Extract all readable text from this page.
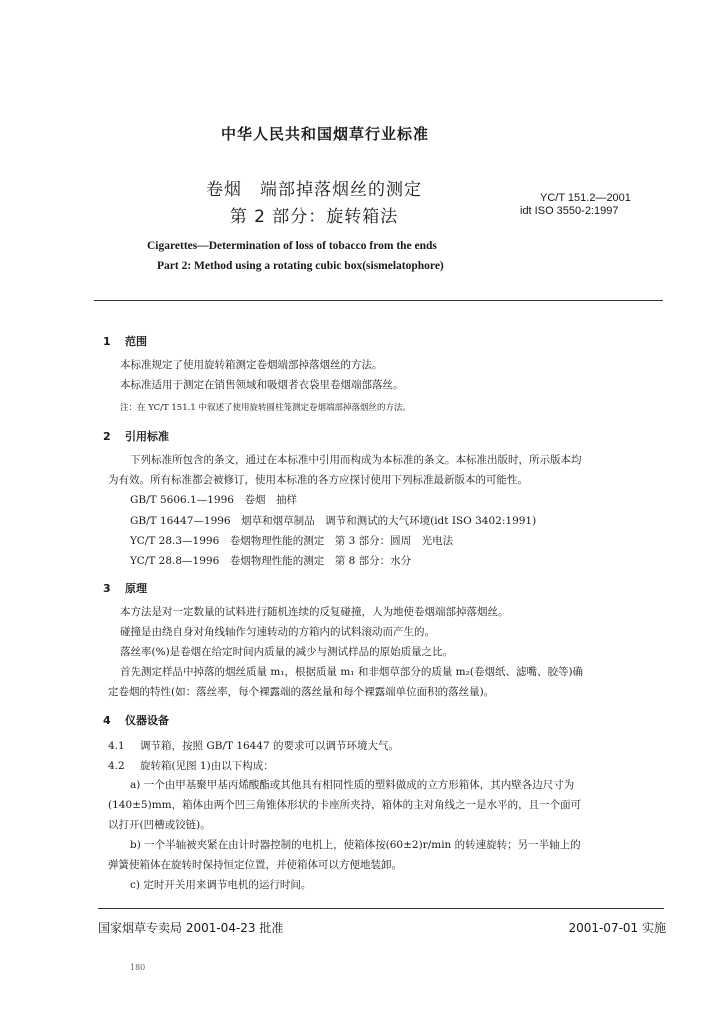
中华人民共和国烟草行业标准
卷烟　端部掉落烟丝的测定
第 2 部分：旋转箱法
YC/T 151.2—2001
idt ISO 3550-2:1997
Cigarettes—Determination of loss of tobacco from the ends
Part 2: Method using a rotating cubic box(sismelatophore)
1 范围
本标准规定了使用旋转箱测定卷烟端部掉落烟丝的方法。
本标准适用于测定在销售领域和吸烟者衣袋里卷烟端部落丝。
注：在 YC/T 151.1 中叙述了使用旋转圆柱笼测定卷烟端部掉落烟丝的方法。
2 引用标准
下列标准所包含的条文，通过在本标准中引用而构成为本标准的条文。本标准出版时，所示版本均
为有效。所有标准都会被修订，使用本标准的各方应探讨使用下列标准最新版本的可能性。
GB/T 5606.1—1996　卷烟　抽样
GB/T 16447—1996　烟草和烟草制品　调节和测试的大气环境(idt ISO 3402:1991)
YC/T 28.3—1996　卷烟物理性能的测定　第 3 部分：圆周　光电法
YC/T 28.8—1996　卷烟物理性能的测定　第 8 部分：水分
3 原理
本方法是对一定数量的试料进行随机连续的反复碰撞，人为地使卷烟端部掉落烟丝。
碰撞是由绕自身对角线轴作匀速转动的方箱内的试料滚动而产生的。
落丝率(%)是卷烟在给定时间内质量的减少与测试样品的原始质量之比。
首先测定样品中掉落的烟丝质量 m₁，根据质量 m₁ 和非烟草部分的质量 m₂(卷烟纸、滤嘴、胶等)确
定卷烟的特性(如：落丝率，每个裸露端的落丝量和每个裸露端单位面积的落丝量)。
4 仪器设备
4.1 调节箱，按照 GB/T 16447 的要求可以调节环境大气。
4.2 旋转箱(见图 1)由以下构成：
a) 一个由甲基聚甲基丙烯酸酯或其他具有相同性质的塑料做成的立方形箱体，其内壁各边尺寸为
(140±5)mm，箱体由两个凹三角锥体形状的卡座所夹持，箱体的主对角线之一是水平的，且一个面可
以打开(凹槽或铰链)。
b) 一个半轴被夹紧在由计时器控制的电机上，使箱体按(60±2)r/min 的转速旋转；另一半轴上的
弹簧使箱体在旋转时保持恒定位置，并使箱体可以方便地装卸。
c) 定时开关用来调节电机的运行时间。
国家烟草专卖局 2001-04-23 批准	2001-07-01 实施
180
